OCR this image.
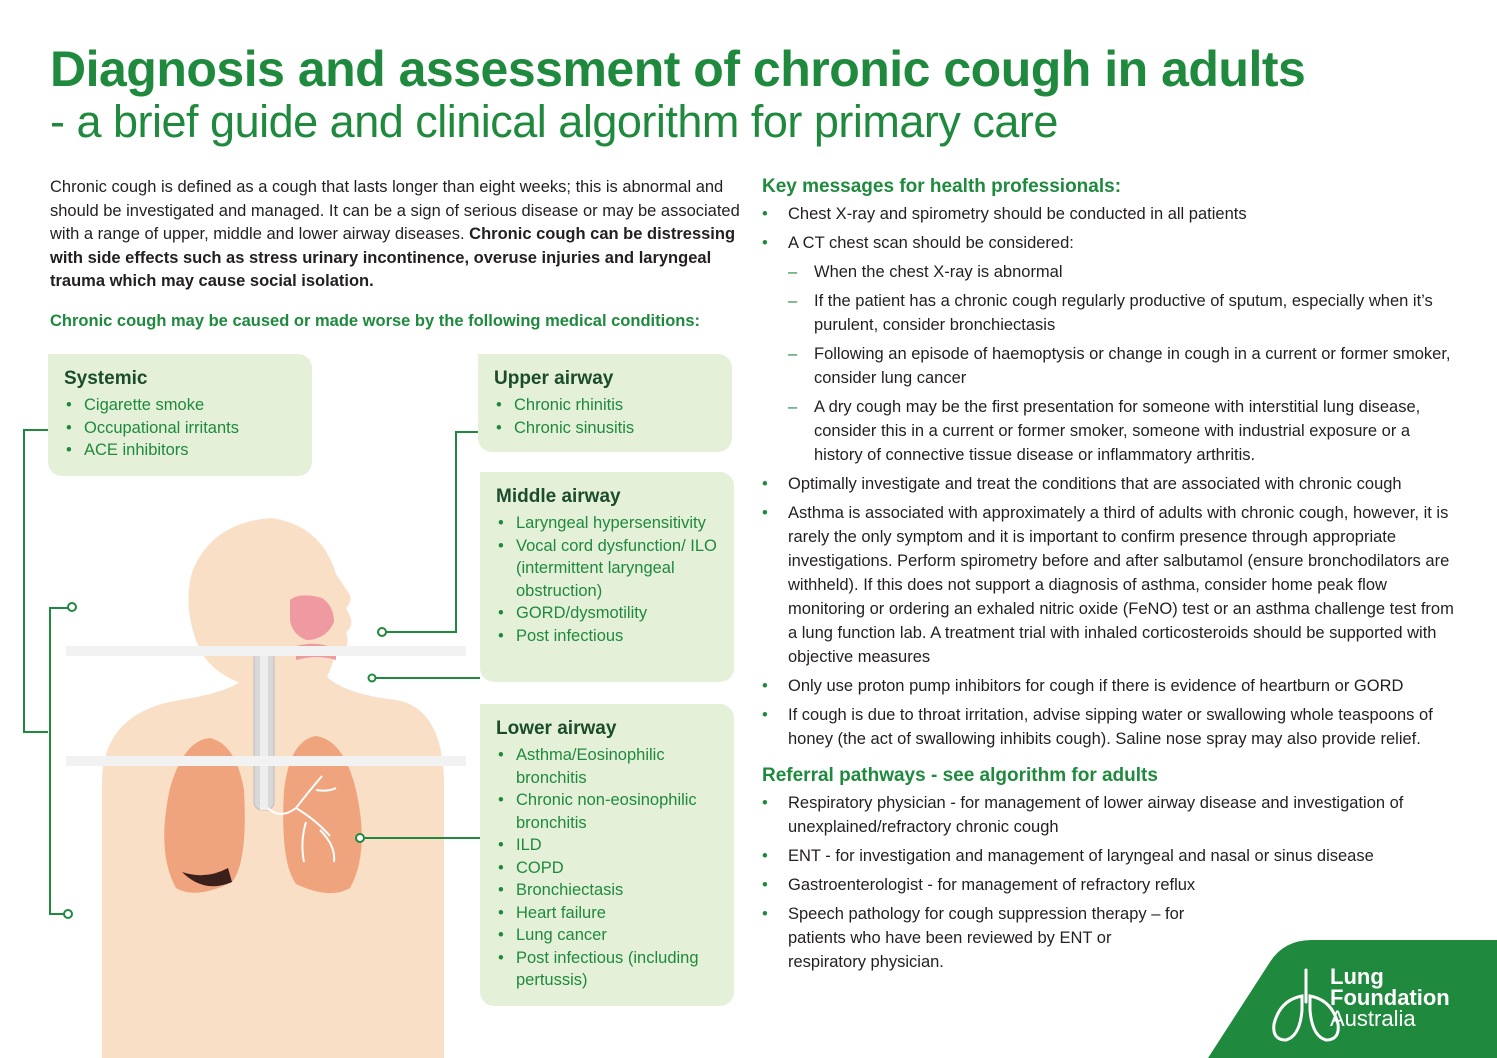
Diagnosis and assessment of chronic cough in adults
- a brief guide and clinical algorithm for primary care

Chronic cough is defined as a cough that lasts longer than eight weeks; this is abnormal and should be investigated and managed. It can be a sign of serious disease or may be associated with a range of upper, middle and lower airway diseases. Chronic cough can be distressing with side effects such as stress urinary incontinence, overuse injuries and laryngeal trauma which may cause social isolation.

Chronic cough may be caused or made worse by the following medical conditions:
Systemic
• Cigarette smoke
• Occupational irritants
• ACE inhibitors
Upper airway
• Chronic rhinitis
• Chronic sinusitis
Middle airway
• Laryngeal hypersensitivity
• Vocal cord dysfunction/ ILO (intermittent laryngeal obstruction)
• GORD/dysmotility
• Post infectious
Lower airway
• Asthma/Eosinophilic bronchitis
• Chronic non-eosinophilic bronchitis
• ILD
• COPD
• Bronchiectasis
• Heart failure
• Lung cancer
• Post infectious (including pertussis)
Key messages for health professionals:
• Chest X-ray and spirometry should be conducted in all patients
• A CT chest scan should be considered:
– When the chest X-ray is abnormal
– If the patient has a chronic cough regularly productive of sputum, especially when it’s purulent, consider bronchiectasis
– Following an episode of haemoptysis or change in cough in a current or former smoker, consider lung cancer
– A dry cough may be the first presentation for someone with interstitial lung disease, consider this in a current or former smoker, someone with industrial exposure or a history of connective tissue disease or inflammatory arthritis.
• Optimally investigate and treat the conditions that are associated with chronic cough
• Asthma is associated with approximately a third of adults with chronic cough, however, it is rarely the only symptom and it is important to confirm presence through appropriate investigations. Perform spirometry before and after salbutamol (ensure bronchodilators are withheld). If this does not support a diagnosis of asthma, consider home peak flow monitoring or ordering an exhaled nitric oxide (FeNO) test or an asthma challenge test from a lung function lab. A treatment trial with inhaled corticosteroids should be supported with objective measures
• Only use proton pump inhibitors for cough if there is evidence of heartburn or GORD
• If cough is due to throat irritation, advise sipping water or swallowing whole teaspoons of honey (the act of swallowing inhibits cough). Saline nose spray may also provide relief.
Referral pathways - see algorithm for adults
• Respiratory physician - for management of lower airway disease and investigation of unexplained/refractory chronic cough
• ENT - for investigation and management of laryngeal and nasal or sinus disease
• Gastroenterologist - for management of refractory reflux
• Speech pathology for cough suppression therapy – for patients who have been reviewed by ENT or respiratory physician.
Lung
Foundation
Australia
